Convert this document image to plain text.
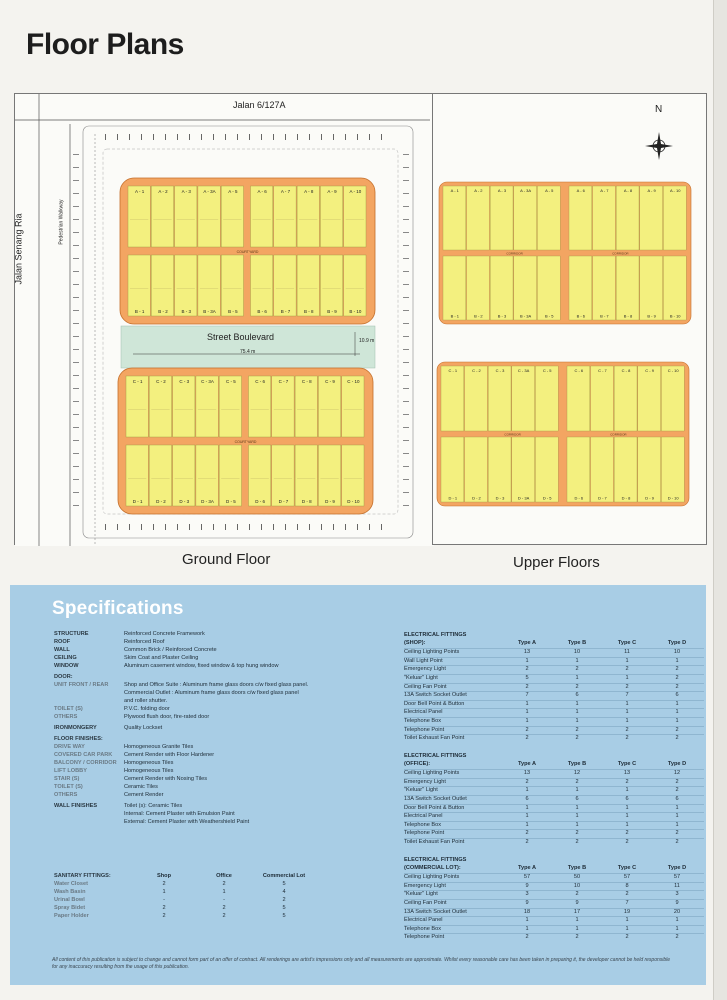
Floor Plans
A - 1	A - 2	A - 3	A - 3A	A - 5	A - 6	A - 7	A - 8	A - 9	A - 10
B - 1	B - 2	B - 3	B - 3A	B - 5	B - 6	B - 7	B - 8	B - 9	B - 10
COURTYARD
C - 1	C - 2	C - 3	C - 3A	C - 5	C - 6	C - 7	C - 8	C - 9	C - 10
D - 1	D - 2	D - 3	D - 3A	D - 5	D - 6	D - 7	D - 8	D - 9	D - 10
COURTYARD
Jalan 6/127A
Jalan Senang Ria	Pedestrian Walkway
Street Boulevard
75.4 m
10.9 m
Ground Floor
A - 1	A - 2	A - 3	A - 3A	A - 5	A - 6	A - 7	A - 8	A - 9	A - 10
B - 1	B - 2	B - 3	B - 3A	B - 5	B - 6	B - 7	B - 8	B - 9	B - 10
CORRIDOR	CORRIDOR
C - 1	C - 2	C - 3	C - 3A	C - 5	C - 6	C - 7	C - 8	C - 9	C - 10
D - 1	D - 2	D - 3	D - 3A	D - 5	D - 6	D - 7	D - 8	D - 9	D - 10
CORRIDOR	CORRIDOR
N
Upper Floors
Specifications
STRUCTURE	Reinforced Concrete Framework
ROOF	Reinforced Roof
WALL	Common Brick / Reinforced Concrete
CEILING	Skim Coat and Plaster Ceiling
WINDOW	Aluminum casement window, fixed window & top hung window
DOOR:
UNIT FRONT / REAR	Shop and Office Suite : Aluminum frame glass doors c/w fixed glass panel.
Commercial Outlet : Aluminum frame glass doors c/w fixed glass panel
and roller shutter.
TOILET (S)	P.V.C. folding door
OTHERS	Plywood flush door, fire-rated door
IRONMONGERY	Quality Lockset
FLOOR FINISHES:
DRIVE WAY	Homogeneous Granite Tiles
COVERED CAR PARK	Cement Render with Floor Hardener
BALCONY / CORRIDOR	Homogeneous Tiles
LIFT LOBBY	Homogeneous Tiles
STAIR (S)	Cement Render with Nosing Tiles
TOILET (S)	Ceramic Tiles
OTHERS	Cement Render
WALL FINISHES	Toilet (s): Ceramic Tiles
Internal: Cement Plaster with Emulsion Paint
External: Cement Plaster with Weathershield Paint
SANITARY FITTINGS:	Shop	Office	Commercial Lot
Water Closet	2	2	5
Wash Basin	1	1	4
Urinal Bowl	-	-	2
Spray Bidet	2	2	5
Paper Holder	2	2	5
ELECTRICAL FITTINGS
(SHOP):	Type A	Type B	Type C	Type D
Ceiling Lighting Points	13	10	11	10
Wall Light Point	1	1	1	1
Emergency Light	2	2	2	2
"Keluar" Light	5	1	1	2
Ceiling Fan Point	2	2	2	2
13A Switch Socket Outlet	7	6	7	6
Door Bell Point & Button	1	1	1	1
Electrical Panel	1	1	1	1
Telephone Box	1	1	1	1
Telephone Point	2	2	2	2
Toilet Exhaust Fan Point	2	2	2	2
ELECTRICAL FITTINGS
(OFFICE):	Type A	Type B	Type C	Type D
Ceiling Lighting Points	13	12	13	12
Emergency Light	2	2	2	2
"Keluar" Light	1	1	1	2
13A Switch Socket Outlet	6	6	6	6
Door Bell Point & Button	1	1	1	1
Electrical Panel	1	1	1	1
Telephone Box	1	1	1	1
Telephone Point	2	2	2	2
Toilet Exhaust Fan Point	2	2	2	2
ELECTRICAL FITTINGS
(COMMERCIAL LOT):	Type A	Type B	Type C	Type D
Ceiling Lighting Points	57	50	57	57
Emergency Light	9	10	8	11
"Keluar" Light	3	2	2	3
Ceiling Fan Point	9	9	7	9
13A Switch Socket Outlet	18	17	19	20
Electrical Panel	1	1	1	1
Telephone Box	1	1	1	1
Telephone Point	2	2	2	2
All content of this publication is subject to change and cannot form part of an offer of contract. All renderings are artist's impressions only and all measurements are approximate. Whilst every reasonable care has been taken in preparing it, the developer cannot be held responsible for any inaccuracy resulting from the usage of this publication.
